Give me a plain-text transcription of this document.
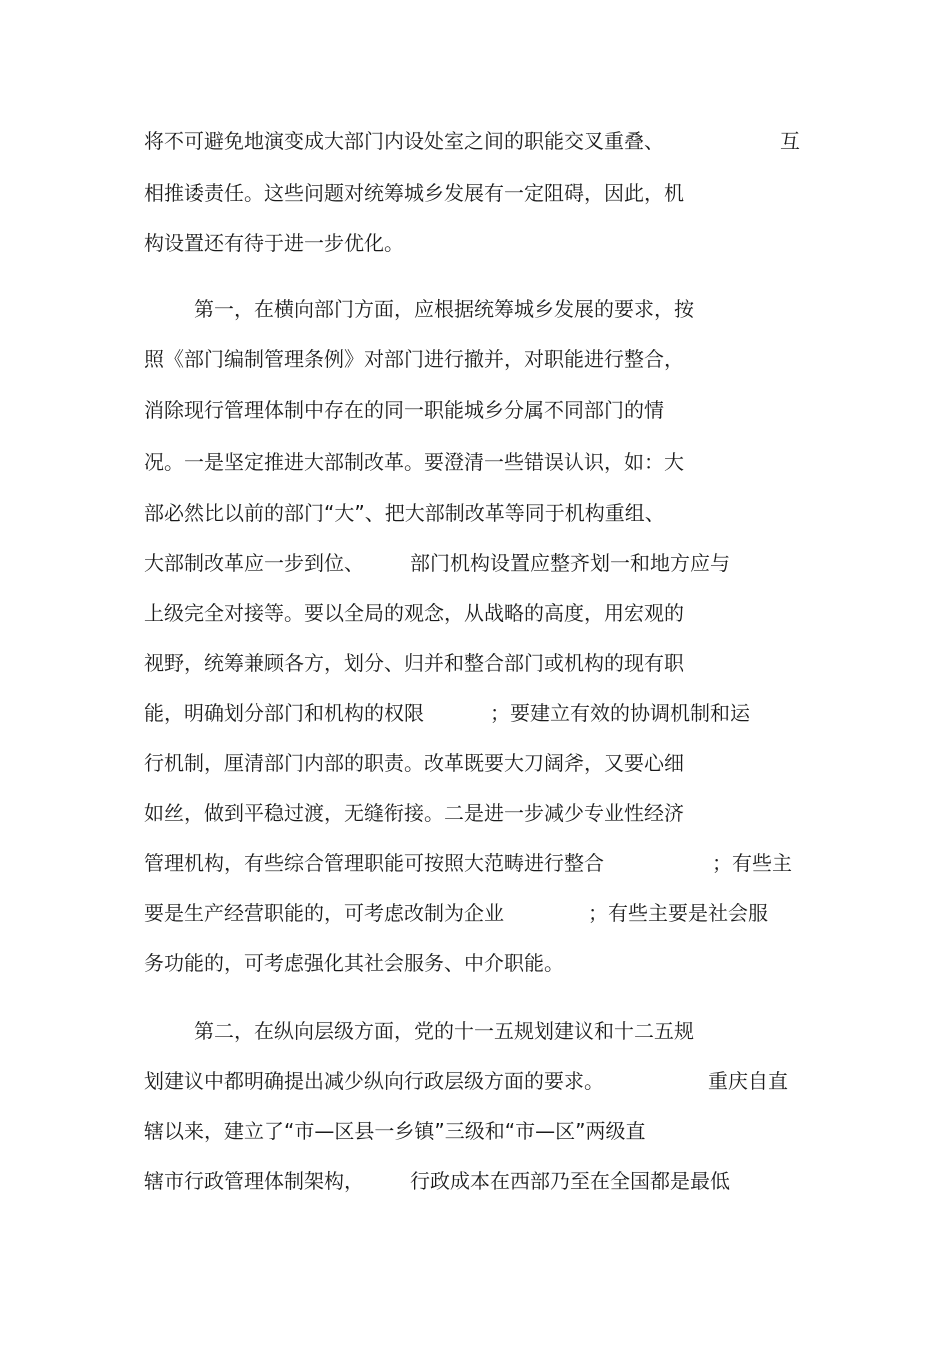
将不可避免地演变成大部门内设处室之间的职能交叉重叠、	互
相推诿责任。这些问题对统筹城乡发展有一定阻碍，因此，机
构设置还有待于进一步优化。
第一，在横向部门方面，应根据统筹城乡发展的要求，按
照《部门编制管理条例》对部门进行撤并，对职能进行整合，
消除现行管理体制中存在的同一职能城乡分属不同部门的情
况。一是坚定推进大部制改革。要澄清一些错误认识，如：大
部必然比以前的部门“大”、把大部制改革等同于机构重组、
大部制改革应一步到位、 部门机构设置应整齐划一和地方应与
上级完全对接等。要以全局的观念，从战略的高度，用宏观的
视野，统筹兼顾各方，划分、归并和整合部门或机构的现有职
能，明确划分部门和机构的权限	；要建立有效的协调机制和运
行机制，厘清部门内部的职责。改革既要大刀阔斧，又要心细
如丝，做到平稳过渡，无缝衔接。二是进一步减少专业性经济
管理机构，有些综合管理职能可按照大范畴进行整合	；有些主
要是生产经营职能的，可考虑改制为企业	；有些主要是社会服
务功能的，可考虑强化其社会服务、中介职能。
第二，在纵向层级方面，党的十一五规划建议和十二五规
划建议中都明确提出减少纵向行政层级方面的要求。	重庆自直
辖以来，建立了“市—区县一乡镇”三级和“市—区”两级直
辖市行政管理体制架构， 行政成本在西部乃至在全国都是最低
